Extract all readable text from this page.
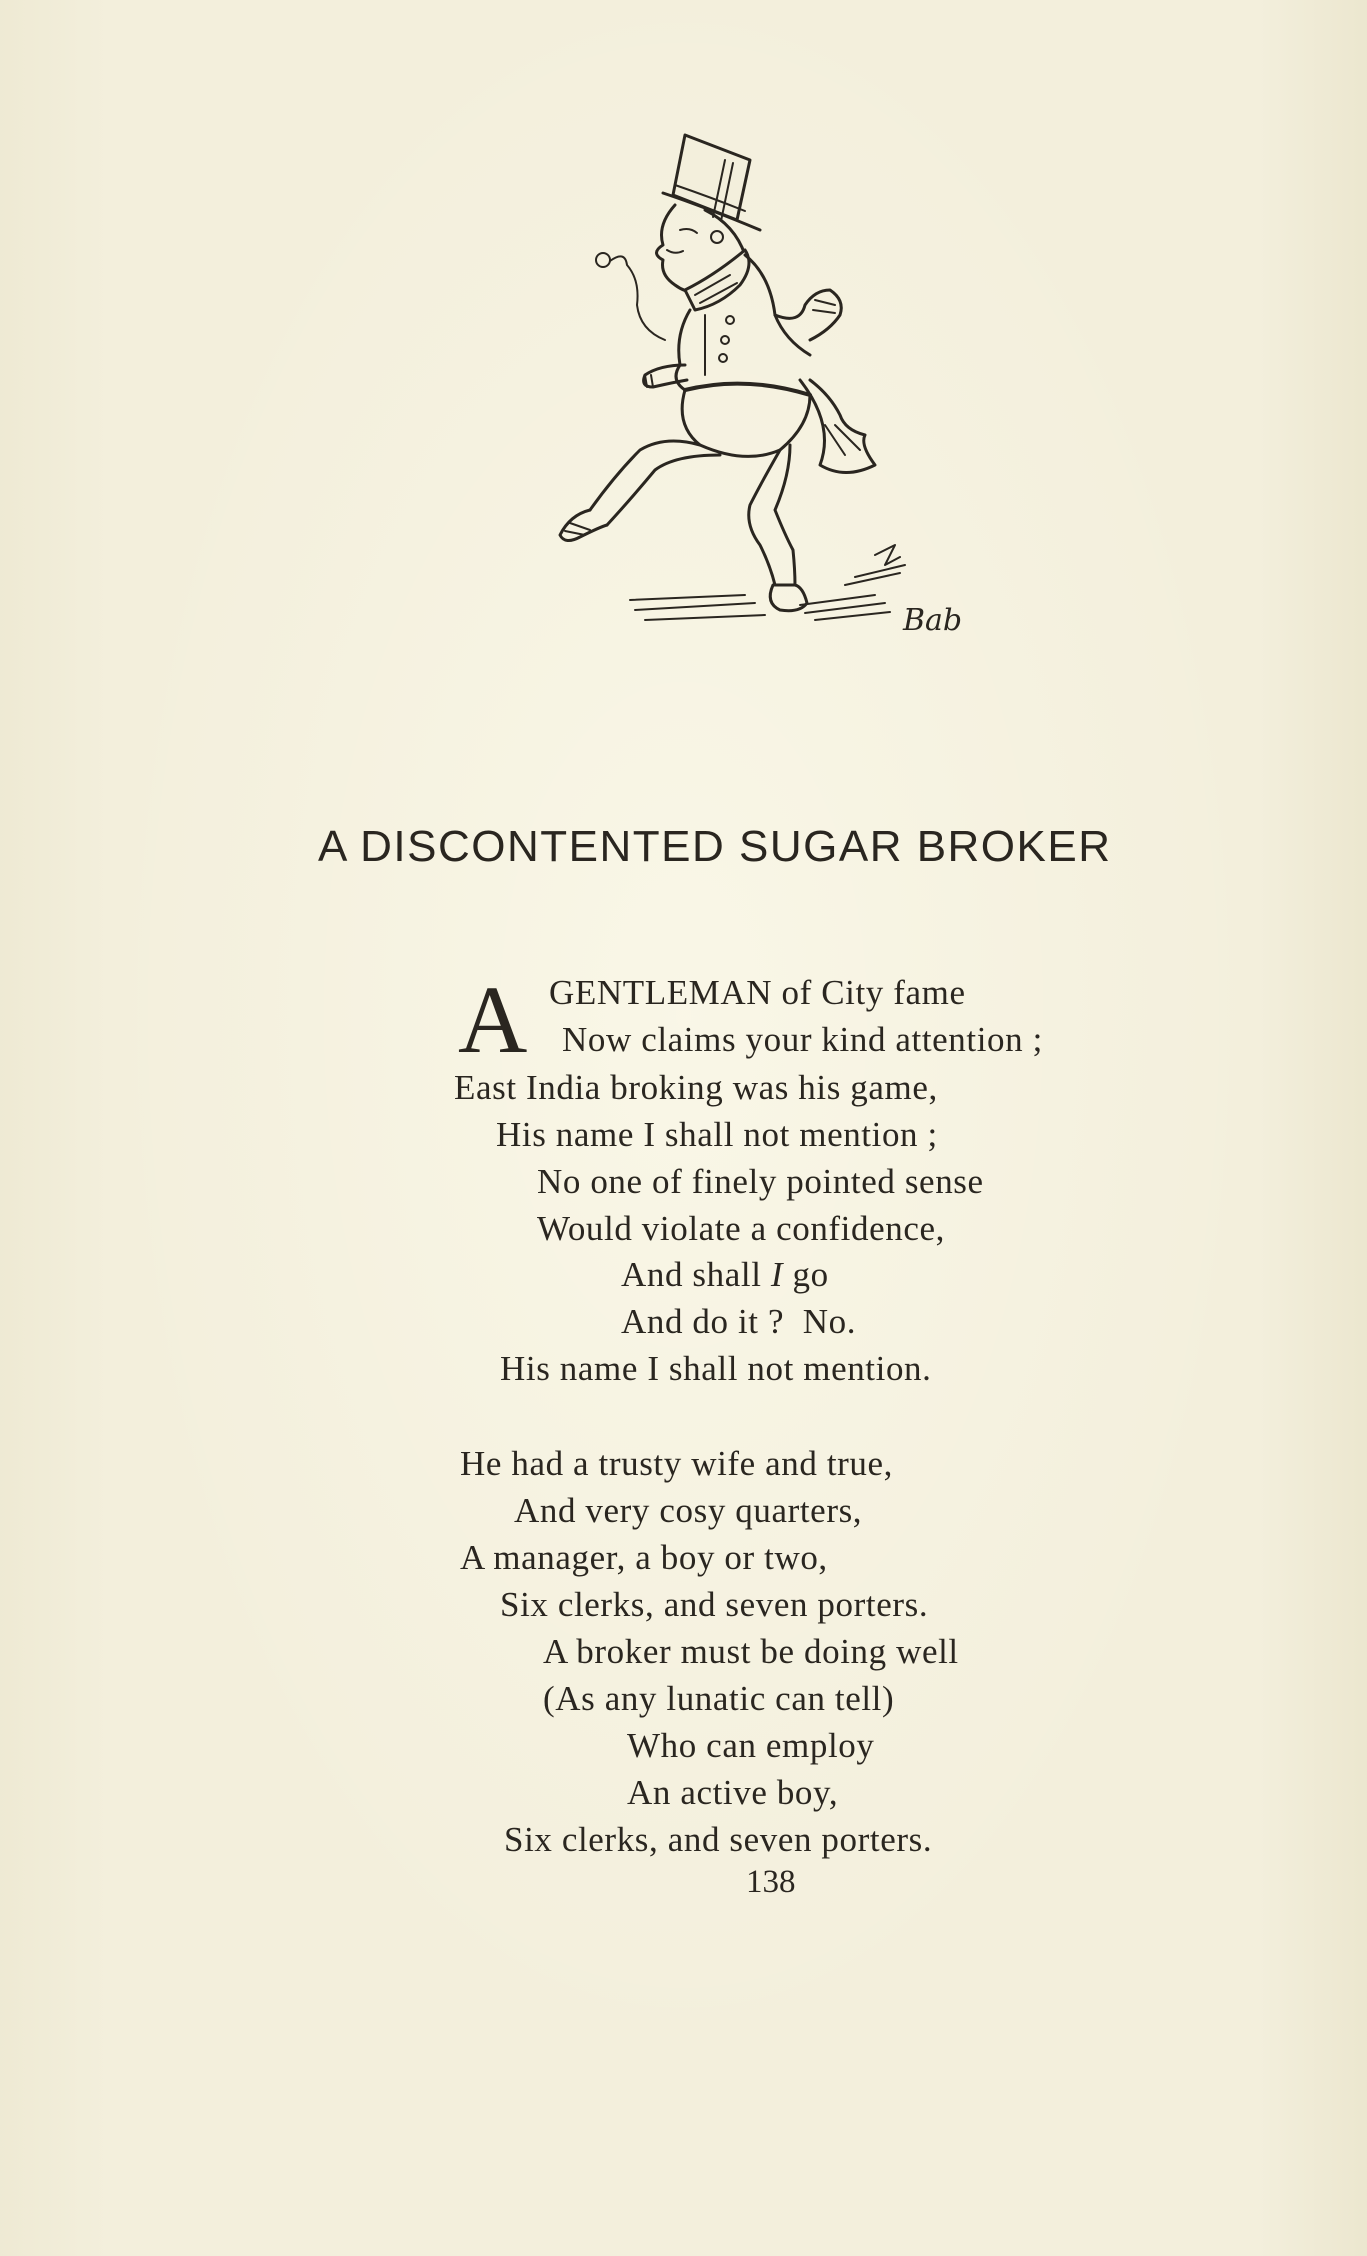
Bab
A DISCONTENTED SUGAR BROKER
A GENTLEMAN of City fame
Now claims your kind attention ;
East India broking was his game,
His name I shall not mention ;
No one of finely pointed sense
Would violate a confidence,
And shall I go
And do it ?  No.
His name I shall not mention.
He had a trusty wife and true,
And very cosy quarters,
A manager, a boy or two,
Six clerks, and seven porters.
A broker must be doing well
(As any lunatic can tell)
Who can employ
An active boy,
Six clerks, and seven porters.
138
